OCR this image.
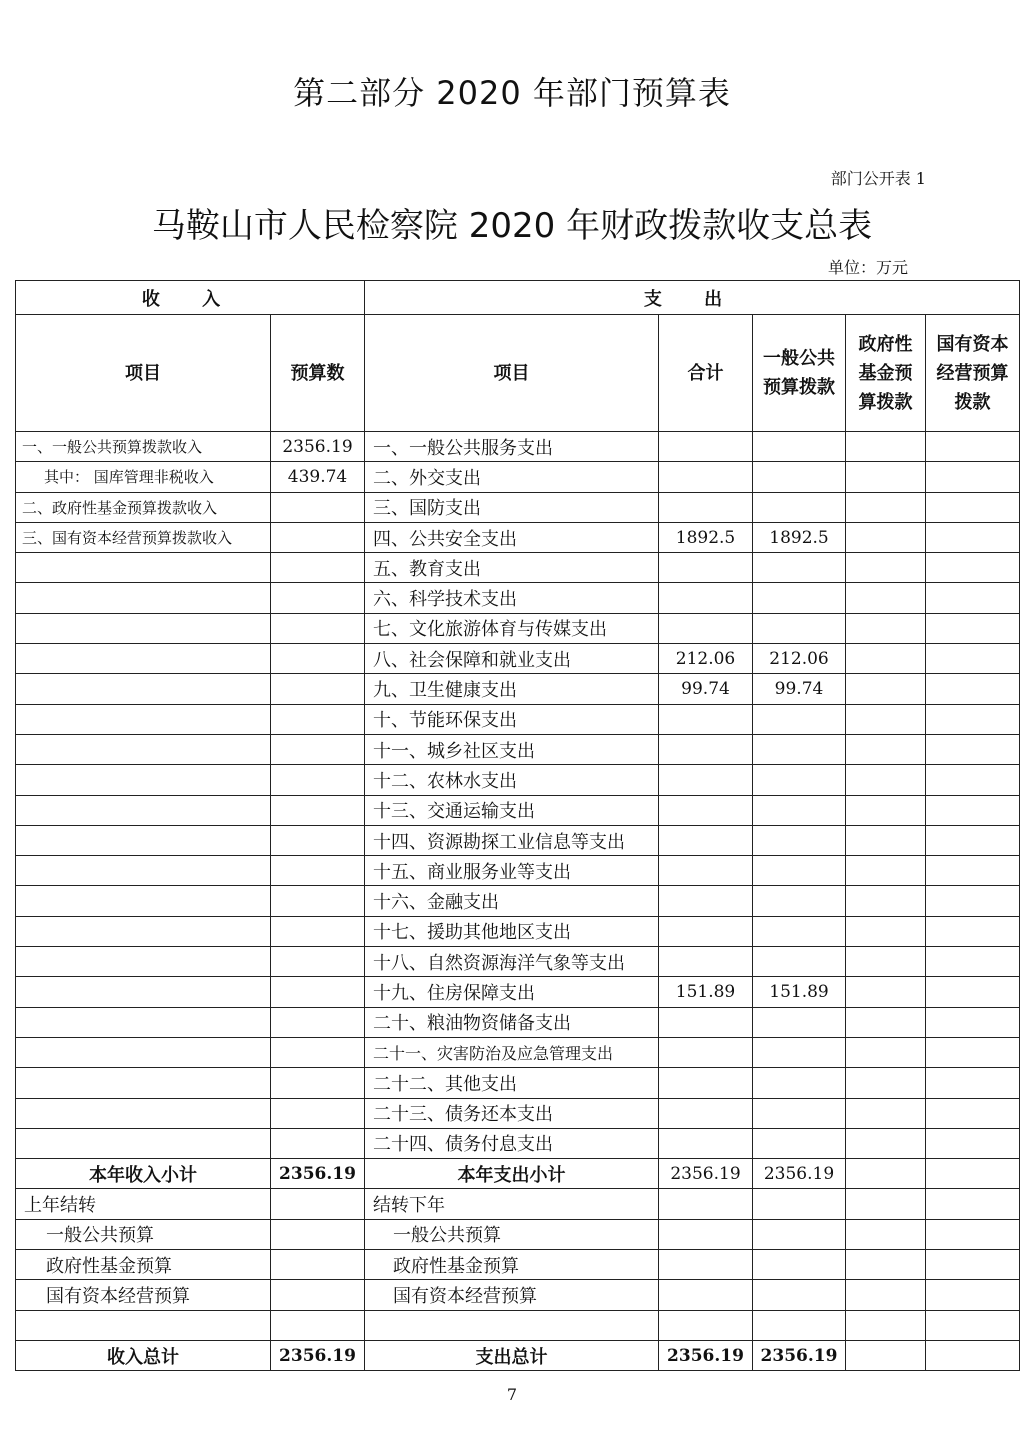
第二部分 2020 年部门预算表
部门公开表 1
马鞍山市人民检察院 2020 年财政拨款收支总表
单位：万元
收 入		支 出				
项目	预算数	项目	合计	一般公共预算拨款	政府性基金预算拨款	国有资本经营预算拨款
一、一般公共预算拨款收入	2356.19	一、一般公共服务支出				
其中： 国库管理非税收入	439.74	二、外交支出				
二、政府性基金预算拨款收入		三、国防支出				
三、国有资本经营预算拨款收入		四、公共安全支出	1892.5	1892.5		
		五、教育支出				
		六、科学技术支出				
		七、文化旅游体育与传媒支出				
		八、社会保障和就业支出	212.06	212.06		
		九、卫生健康支出	99.74	99.74		
		十、节能环保支出				
		十一、城乡社区支出				
		十二、农林水支出				
		十三、交通运输支出				
		十四、资源勘探工业信息等支出				
		十五、商业服务业等支出				
		十六、金融支出				
		十七、援助其他地区支出				
		十八、自然资源海洋气象等支出				
		十九、住房保障支出	151.89	151.89		
		二十、粮油物资储备支出				
		二十一、灾害防治及应急管理支出				
		二十二、其他支出				
		二十三、债务还本支出				
		二十四、债务付息支出				
本年收入小计	2356.19	本年支出小计	2356.19	2356.19		
上年结转		结转下年				
一般公共预算		一般公共预算				
政府性基金预算		政府性基金预算				
国有资本经营预算		国有资本经营预算				

收入总计	2356.19	支出总计	2356.19	2356.19		
7
